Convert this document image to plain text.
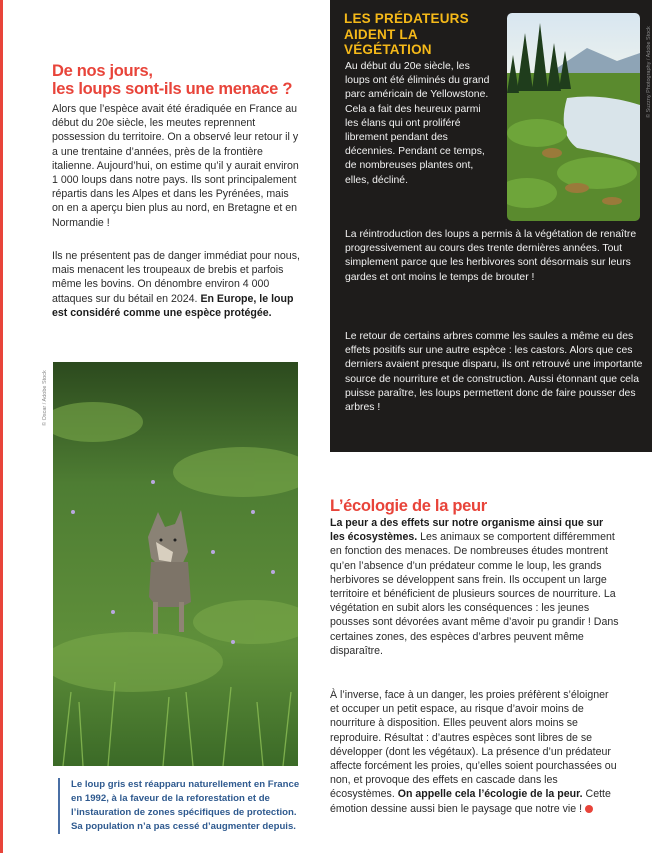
De nos jours,
les loups sont-ils une menace ?

Alors que l’espèce avait été éradiquée en France au début du 20e siècle, les meutes reprennent possession du territoire. On a observé leur retour il y a une trentaine d’années, près de la frontière italienne. Aujourd’hui, on estime qu’il y aurait environ 1 000 loups dans notre pays. Ils sont principalement répartis dans les Alpes et dans les Pyrénées, mais on en a aperçu bien plus au nord, en Bretagne et en Normandie !

Ils ne présentent pas de danger immédiat pour nous, mais menacent les troupeaux de brebis et parfois même les bovins. On dénombre environ 4 000 attaques sur du bétail en 2024. En Europe, le loup est considéré comme une espèce protégée.

© Oscar / Adobe Stock
Le loup gris est réapparu naturellement en France en 1992, à la faveur de la reforestation et de l’instauration de zones spécifiques de protection. Sa population n’a pas cessé d’augmenter depuis.
LES PRÉDATEURS AIDENT LA VÉGÉTATION

Au début du 20e siècle, les loups ont été éliminés du grand parc américain de Yellowstone. Cela a fait des heureux parmi les élans qui ont proliféré librement pendant des décennies. Pendant ce temps, de nombreuses plantes ont, elles, décliné.

© Suzzny Photography / Adobe Stock

La réintroduction des loups a permis à la végétation de renaître progressivement au cours des trente dernières années. Tout simplement parce que les herbivores sont désormais sur leurs gardes et ont moins le temps de brouter !

Le retour de certains arbres comme les saules a même eu des effets positifs sur une autre espèce : les castors. Alors que ces derniers avaient presque disparu, ils ont retrouvé une importante source de nourriture et de construction. Aussi étonnant que cela puisse paraître, les loups permettent donc de faire pousser des arbres !

L’écologie de la peur

La peur a des effets sur notre organisme ainsi que sur les écosystèmes. Les animaux se comportent différemment en fonction des menaces. De nombreuses études montrent qu’en l’absence d’un prédateur comme le loup, les grands herbivores se développent sans frein. Ils occupent un large territoire et bénéficient de plusieurs sources de nourriture. La végétation en subit alors les conséquences : les jeunes pousses sont dévorées avant même d’avoir pu grandir ! Dans certaines zones, des espèces d’arbres peuvent même disparaître.

À l’inverse, face à un danger, les proies préfèrent s’éloigner et occuper un petit espace, au risque d’avoir moins de nourriture à disposition. Elles peuvent alors moins se reproduire. Résultat : d’autres espèces sont libres de se développer (dont les végétaux). La présence d’un prédateur affecte forcément les proies, qu’elles soient pourchassées ou non, et provoque des effets en cascade dans les écosystèmes. On appelle cela l’écologie de la peur. Cette émotion dessine aussi bien le paysage que notre vie !
